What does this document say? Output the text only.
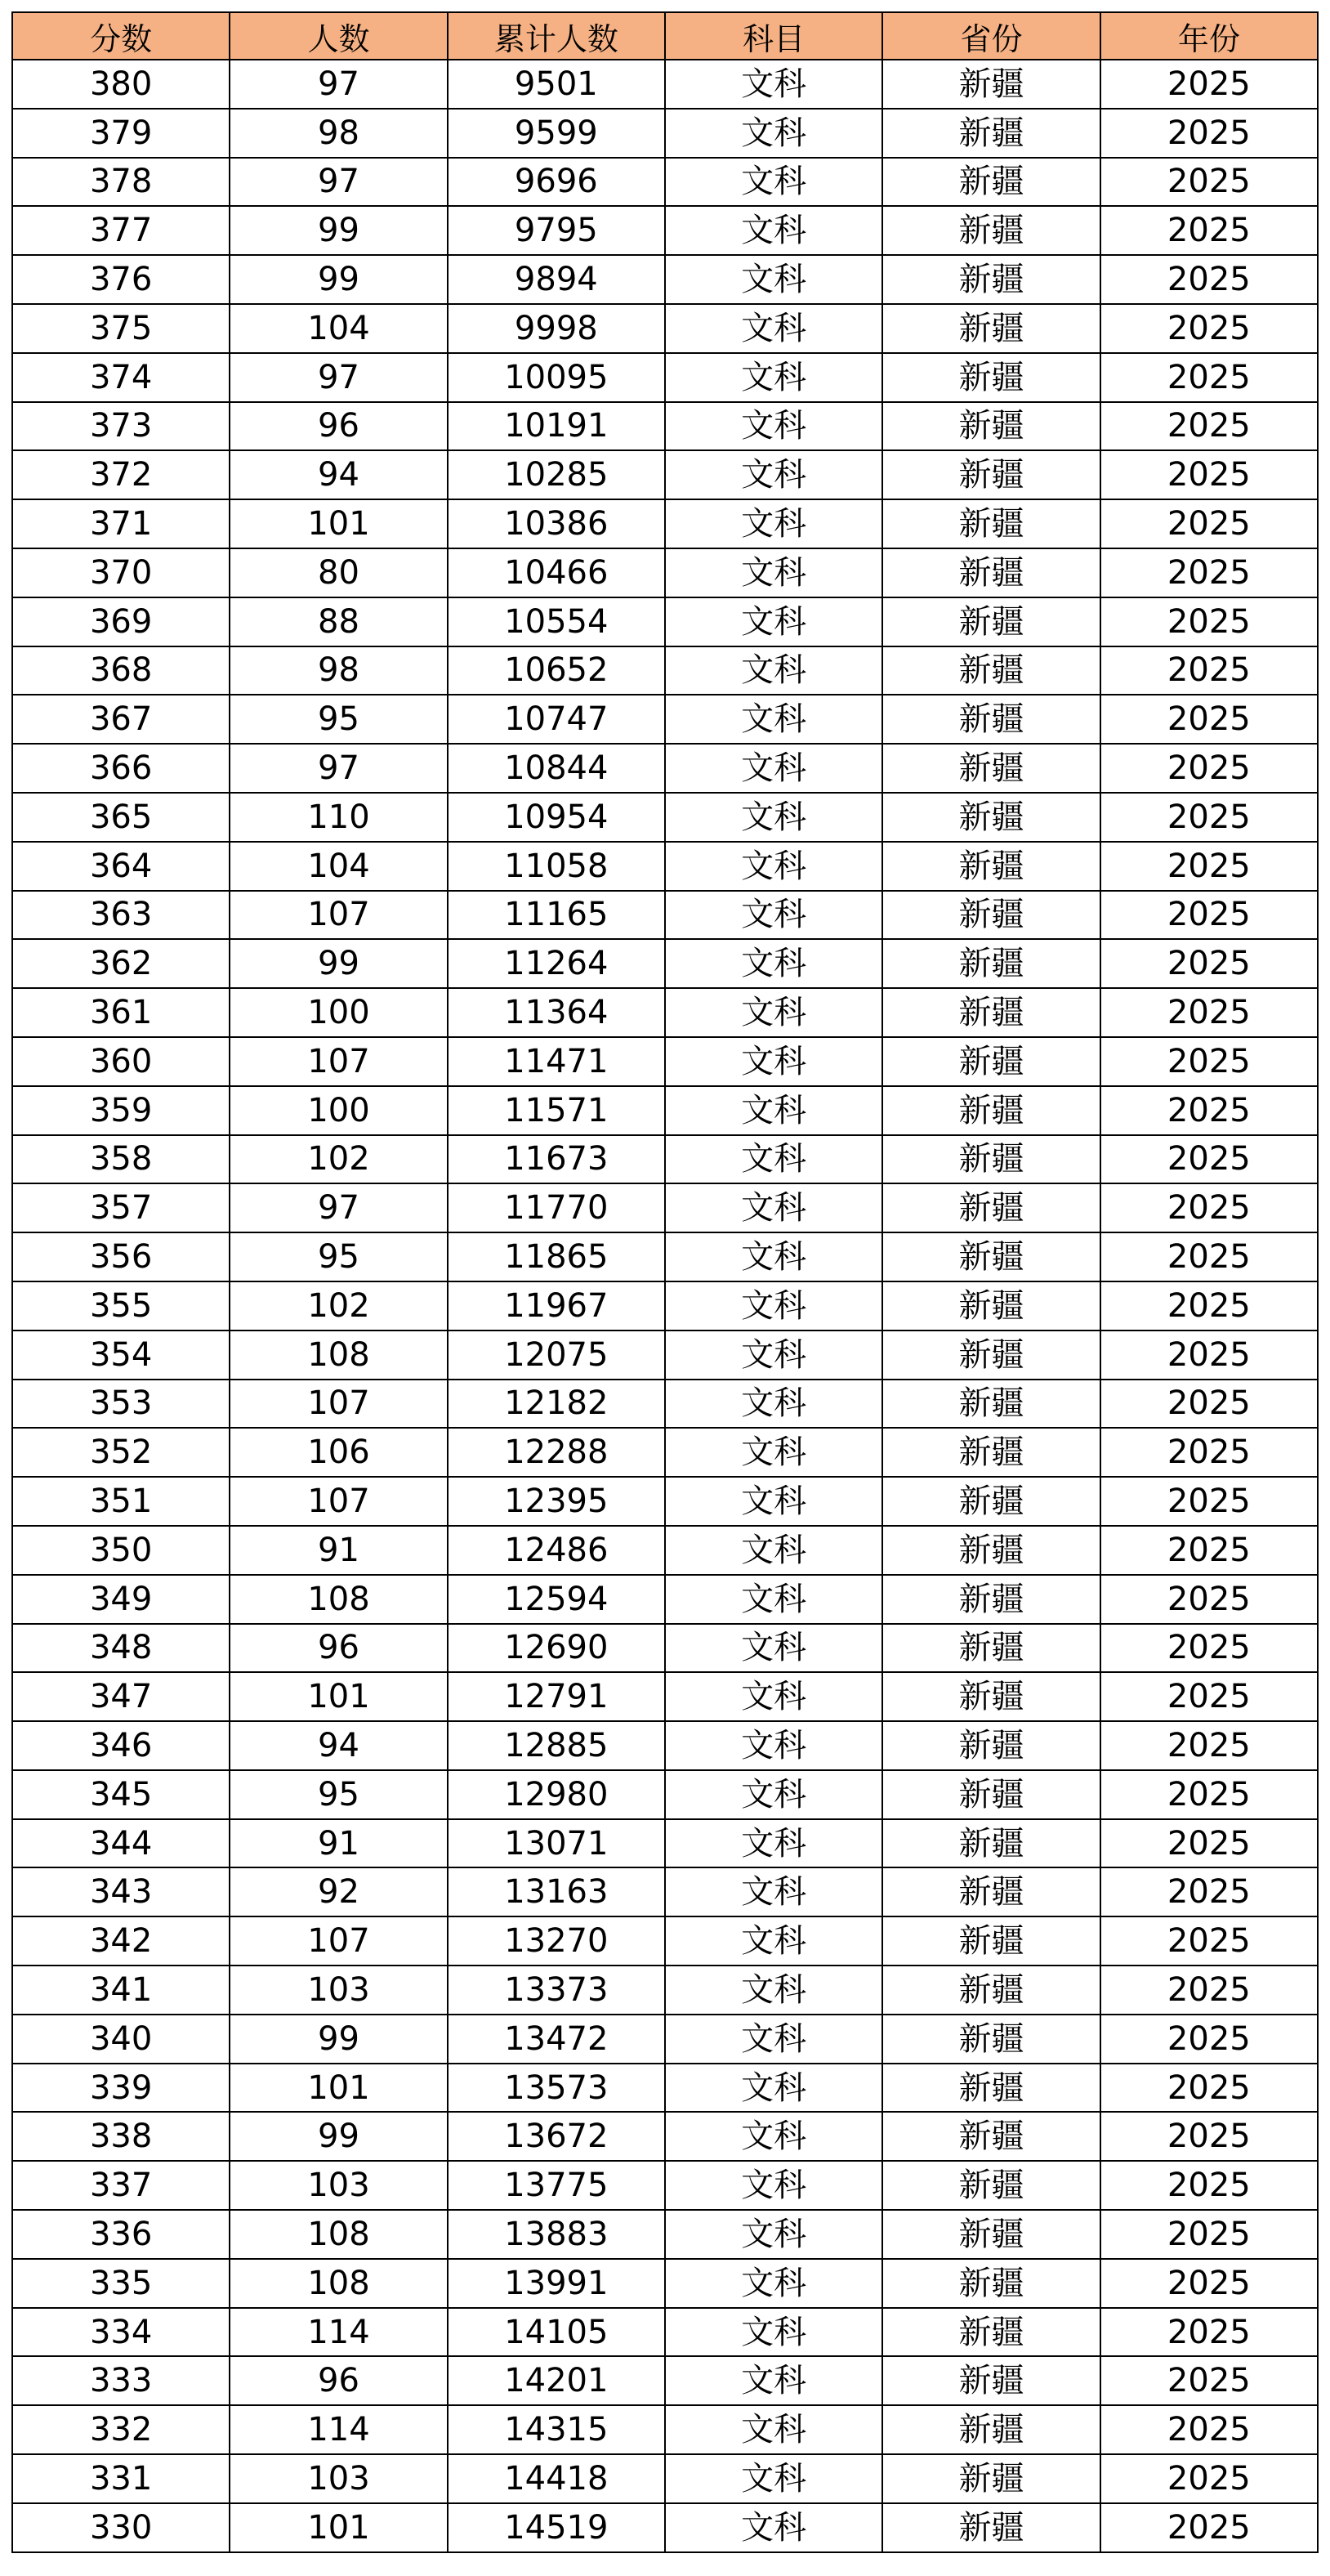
分数	人数	累计人数	科目	省份	年份
380	97	9501	文科	新疆	2025
379	98	9599	文科	新疆	2025
378	97	9696	文科	新疆	2025
377	99	9795	文科	新疆	2025
376	99	9894	文科	新疆	2025
375	104	9998	文科	新疆	2025
374	97	10095	文科	新疆	2025
373	96	10191	文科	新疆	2025
372	94	10285	文科	新疆	2025
371	101	10386	文科	新疆	2025
370	80	10466	文科	新疆	2025
369	88	10554	文科	新疆	2025
368	98	10652	文科	新疆	2025
367	95	10747	文科	新疆	2025
366	97	10844	文科	新疆	2025
365	110	10954	文科	新疆	2025
364	104	11058	文科	新疆	2025
363	107	11165	文科	新疆	2025
362	99	11264	文科	新疆	2025
361	100	11364	文科	新疆	2025
360	107	11471	文科	新疆	2025
359	100	11571	文科	新疆	2025
358	102	11673	文科	新疆	2025
357	97	11770	文科	新疆	2025
356	95	11865	文科	新疆	2025
355	102	11967	文科	新疆	2025
354	108	12075	文科	新疆	2025
353	107	12182	文科	新疆	2025
352	106	12288	文科	新疆	2025
351	107	12395	文科	新疆	2025
350	91	12486	文科	新疆	2025
349	108	12594	文科	新疆	2025
348	96	12690	文科	新疆	2025
347	101	12791	文科	新疆	2025
346	94	12885	文科	新疆	2025
345	95	12980	文科	新疆	2025
344	91	13071	文科	新疆	2025
343	92	13163	文科	新疆	2025
342	107	13270	文科	新疆	2025
341	103	13373	文科	新疆	2025
340	99	13472	文科	新疆	2025
339	101	13573	文科	新疆	2025
338	99	13672	文科	新疆	2025
337	103	13775	文科	新疆	2025
336	108	13883	文科	新疆	2025
335	108	13991	文科	新疆	2025
334	114	14105	文科	新疆	2025
333	96	14201	文科	新疆	2025
332	114	14315	文科	新疆	2025
331	103	14418	文科	新疆	2025
330	101	14519	文科	新疆	2025
